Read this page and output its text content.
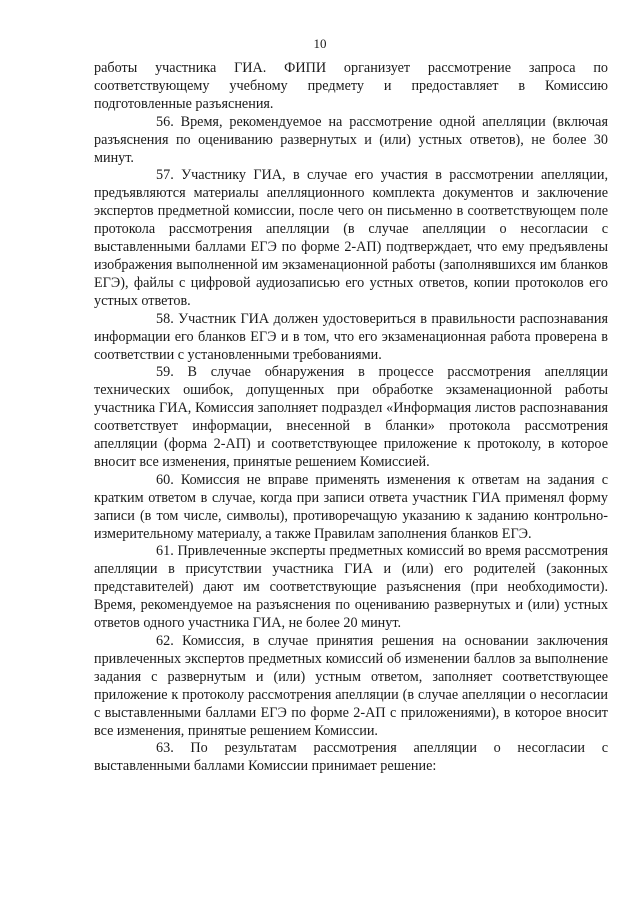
10

работы участника ГИА. ФИПИ организует рассмотрение запроса по соответствующему учебному предмету и предоставляет в Комиссию подготовленные разъяснения.

56. Время, рекомендуемое на рассмотрение одной апелляции (включая разъяснения по оцениванию развернутых и (или) устных ответов), не более 30 минут.

57. Участнику ГИА, в случае его участия в рассмотрении апелляции, предъявляются материалы апелляционного комплекта документов и заключение экспертов предметной комиссии, после чего он письменно в соответствующем поле протокола рассмотрения апелляции (в случае апелляции о несогласии с выставленными баллами ЕГЭ по форме 2-АП) подтверждает, что ему предъявлены изображения выполненной им экзаменационной работы (заполнявшихся им бланков ЕГЭ), файлы с цифровой аудиозаписью его устных ответов, копии протоколов его устных ответов.

58. Участник ГИА должен удостовериться в правильности распознавания информации его бланков ЕГЭ и в том, что его экзаменационная работа проверена в соответствии с установленными требованиями.

59. В случае обнаружения в процессе рассмотрения апелляции технических ошибок, допущенных при обработке экзаменационной работы участника ГИА, Комиссия заполняет подраздел «Информация листов распознавания соответствует информации, внесенной в бланки» протокола рассмотрения апелляции (форма 2-АП) и соответствующее приложение к протоколу, в которое вносит все изменения, принятые решением Комиссией.

60. Комиссия не вправе применять изменения к ответам на задания с кратким ответом в случае, когда при записи ответа участник ГИА применял форму записи (в том числе, символы), противоречащую указанию к заданию контрольно-измерительному материалу, а также Правилам заполнения бланков ЕГЭ.

61. Привлеченные эксперты предметных комиссий во время рассмотрения апелляции в присутствии участника ГИА и (или) его родителей (законных представителей) дают им соответствующие разъяснения (при необходимости). Время, рекомендуемое на разъяснения по оцениванию развернутых и (или) устных ответов одного участника ГИА, не более 20 минут.

62. Комиссия, в случае принятия решения на основании заключения привлеченных экспертов предметных комиссий об изменении баллов за выполнение задания с развернутым и (или) устным ответом, заполняет соответствующее приложение к протоколу рассмотрения апелляции (в случае апелляции о несогласии с выставленными баллами ЕГЭ по форме 2-АП с приложениями), в которое вносит все изменения, принятые решением Комиссии.

63. По результатам рассмотрения апелляции о несогласии с выставленными баллами Комиссии принимает решение:
